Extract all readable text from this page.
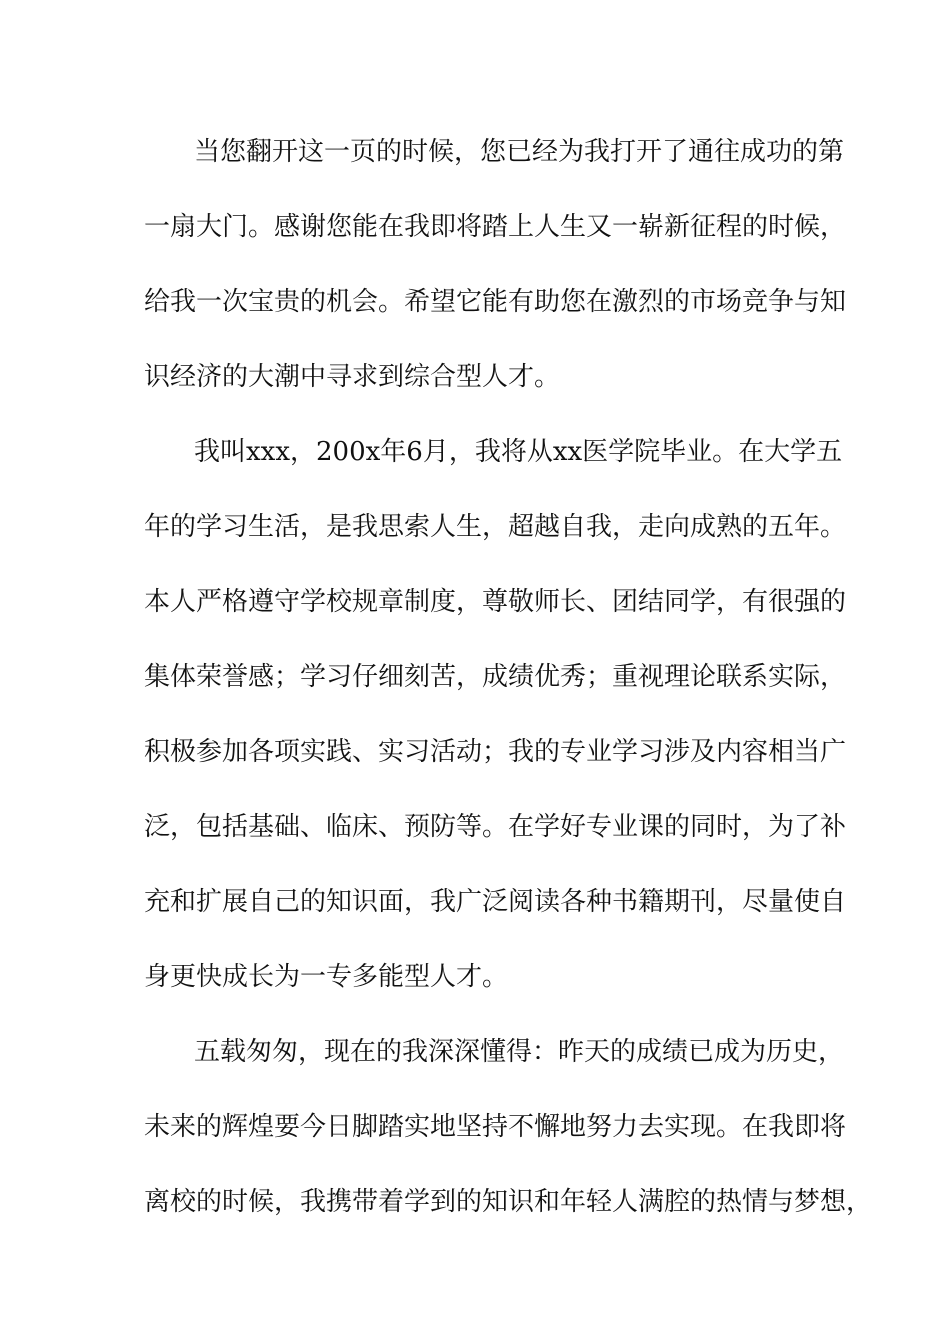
当您翻开这一页的时候，您已经为我打开了通往成功的第
一扇大门。感谢您能在我即将踏上人生又一崭新征程的时候，
给我一次宝贵的机会。希望它能有助您在激烈的市场竞争与知
识经济的大潮中寻求到综合型人才。
我叫xxx，200x年6月，我将从xx医学院毕业。在大学五
年的学习生活，是我思索人生，超越自我，走向成熟的五年。
本人严格遵守学校规章制度，尊敬师长、团结同学，有很强的
集体荣誉感；学习仔细刻苦，成绩优秀；重视理论联系实际，
积极参加各项实践、实习活动；我的专业学习涉及内容相当广
泛，包括基础、临床、预防等。在学好专业课的同时，为了补
充和扩展自己的知识面，我广泛阅读各种书籍期刊，尽量使自
身更快成长为一专多能型人才。
五载匆匆，现在的我深深懂得：昨天的成绩已成为历史，
未来的辉煌要今日脚踏实地坚持不懈地努力去实现。在我即将
离校的时候，我携带着学到的知识和年轻人满腔的热情与梦想，
